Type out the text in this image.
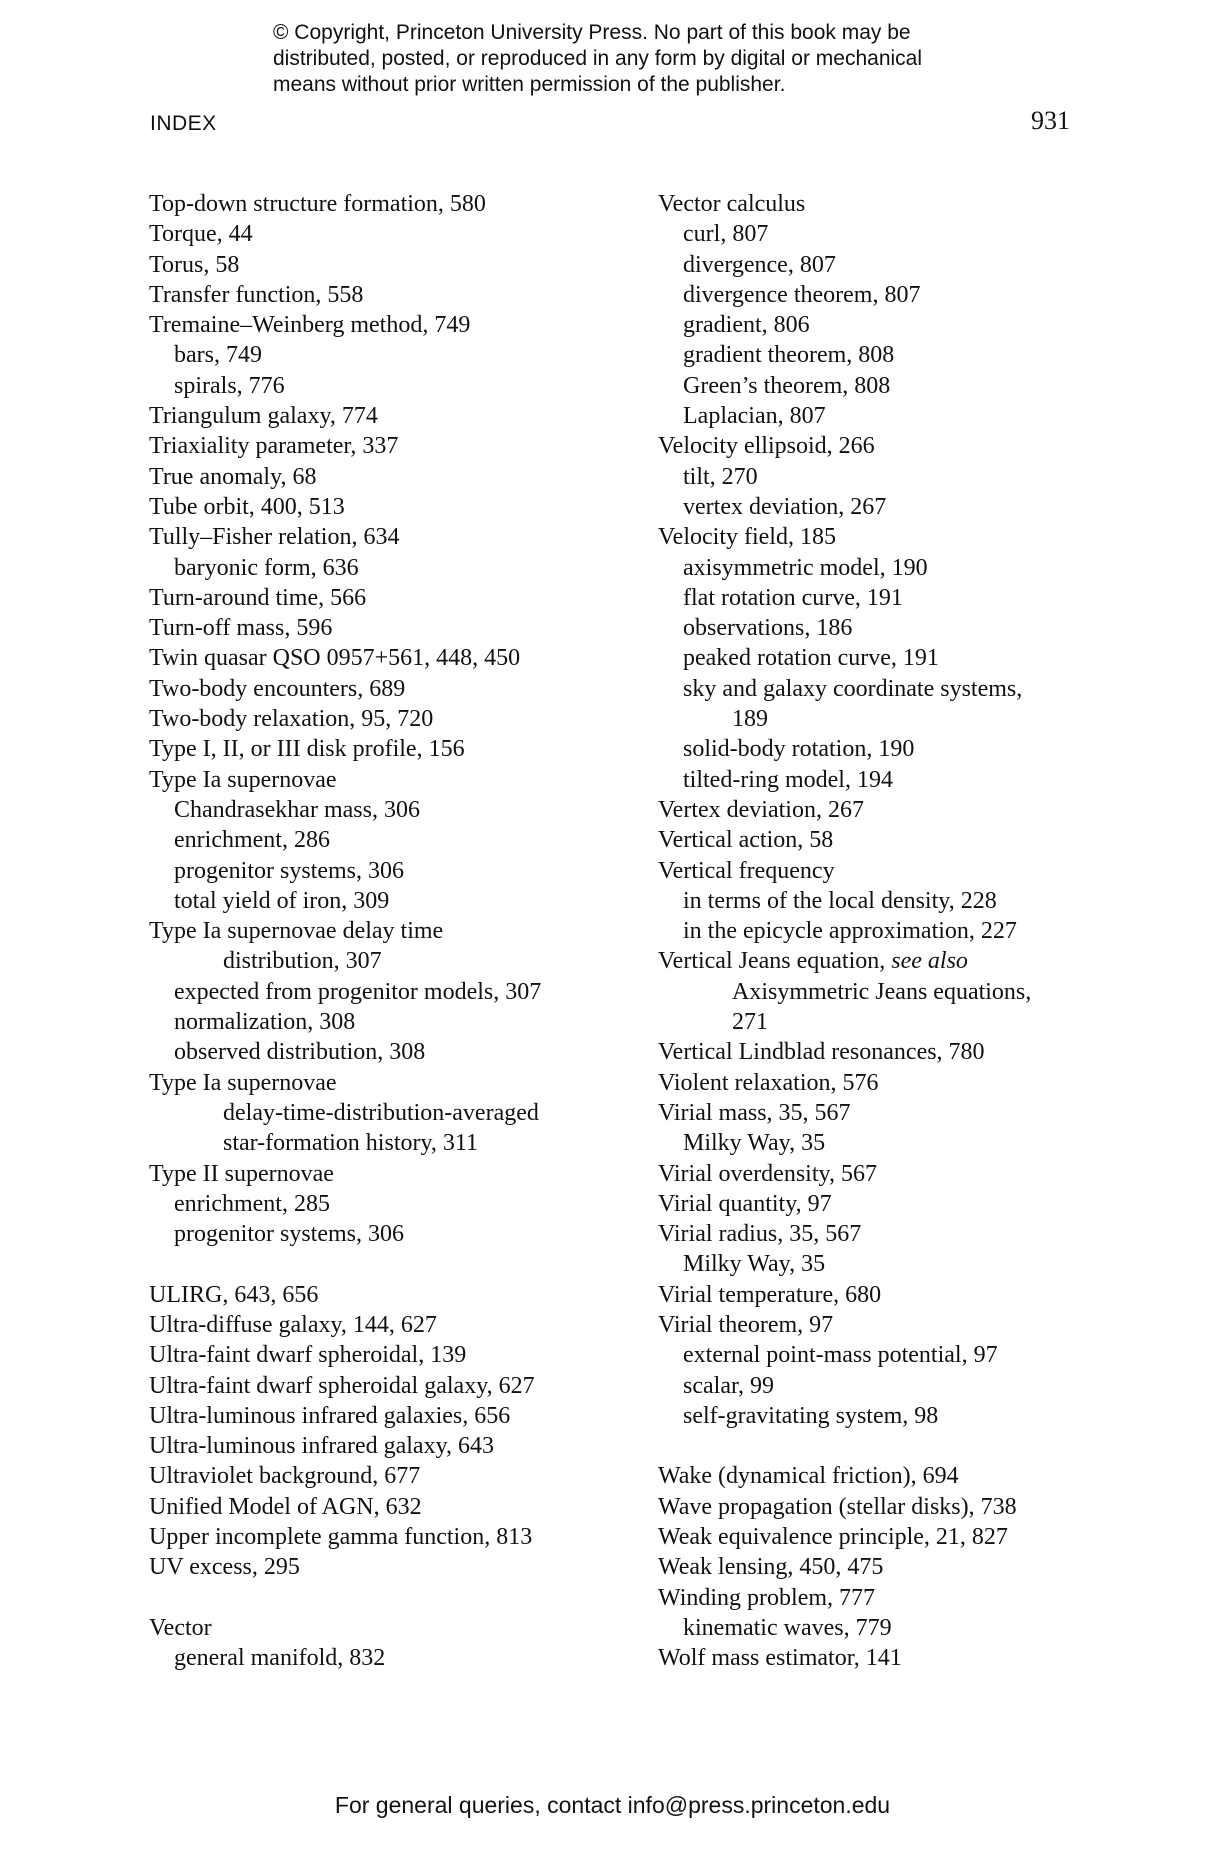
© Copyright, Princeton University Press. No part of this book may be
distributed, posted, or reproduced in any form by digital or mechanical
means without prior written permission of the publisher.
INDEX	931
Top-down structure formation, 580
Torque, 44
Torus, 58
Transfer function, 558
Tremaine–Weinberg method, 749
bars, 749
spirals, 776
Triangulum galaxy, 774
Triaxiality parameter, 337
True anomaly, 68
Tube orbit, 400, 513
Tully–Fisher relation, 634
baryonic form, 636
Turn-around time, 566
Turn-off mass, 596
Twin quasar QSO 0957+561, 448, 450
Two-body encounters, 689
Two-body relaxation, 95, 720
Type I, II, or III disk profile, 156
Type Ia supernovae
Chandrasekhar mass, 306
enrichment, 286
progenitor systems, 306
total yield of iron, 309
Type Ia supernovae delay time
distribution, 307
expected from progenitor models, 307
normalization, 308
observed distribution, 308
Type Ia supernovae
delay-time-distribution-averaged
star-formation history, 311
Type II supernovae
enrichment, 285
progenitor systems, 306
ULIRG, 643, 656
Ultra-diffuse galaxy, 144, 627
Ultra-faint dwarf spheroidal, 139
Ultra-faint dwarf spheroidal galaxy, 627
Ultra-luminous infrared galaxies, 656
Ultra-luminous infrared galaxy, 643
Ultraviolet background, 677
Unified Model of AGN, 632
Upper incomplete gamma function, 813
UV excess, 295
Vector
general manifold, 832
Vector calculus
curl, 807
divergence, 807
divergence theorem, 807
gradient, 806
gradient theorem, 808
Green’s theorem, 808
Laplacian, 807
Velocity ellipsoid, 266
tilt, 270
vertex deviation, 267
Velocity field, 185
axisymmetric model, 190
flat rotation curve, 191
observations, 186
peaked rotation curve, 191
sky and galaxy coordinate systems,
189
solid-body rotation, 190
tilted-ring model, 194
Vertex deviation, 267
Vertical action, 58
Vertical frequency
in terms of the local density, 228
in the epicycle approximation, 227
Vertical Jeans equation, see also
Axisymmetric Jeans equations,
271
Vertical Lindblad resonances, 780
Violent relaxation, 576
Virial mass, 35, 567
Milky Way, 35
Virial overdensity, 567
Virial quantity, 97
Virial radius, 35, 567
Milky Way, 35
Virial temperature, 680
Virial theorem, 97
external point-mass potential, 97
scalar, 99
self-gravitating system, 98
Wake (dynamical friction), 694
Wave propagation (stellar disks), 738
Weak equivalence principle, 21, 827
Weak lensing, 450, 475
Winding problem, 777
kinematic waves, 779
Wolf mass estimator, 141
For general queries, contact info@press.princeton.edu
